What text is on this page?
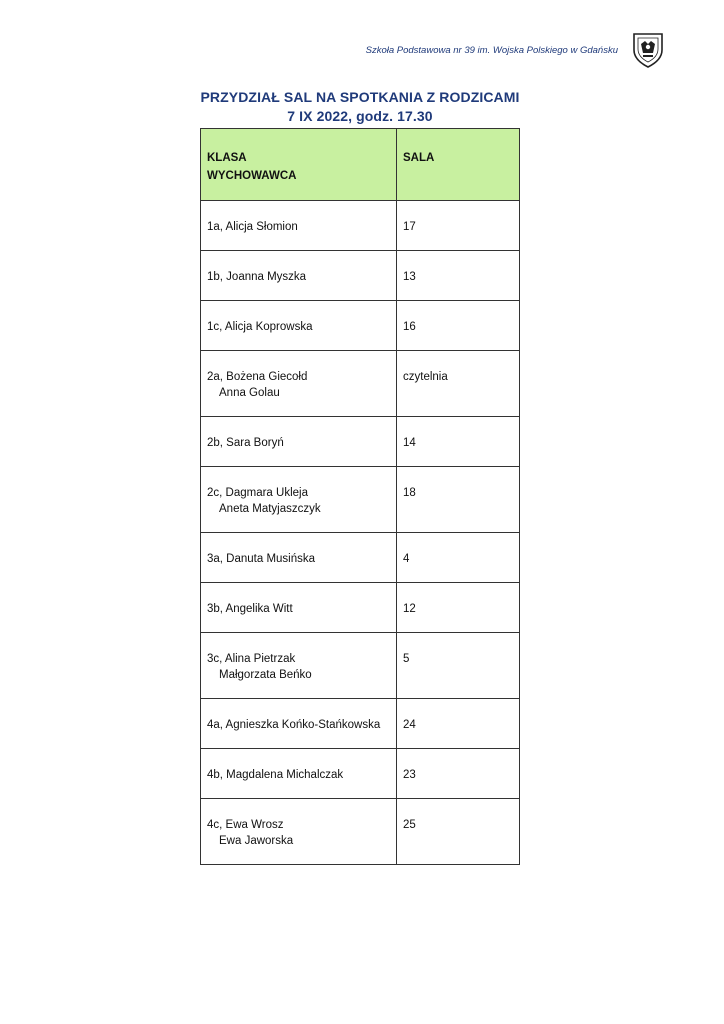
Szkoła Podstawowa nr 39 im. Wojska Polskiego w Gdańsku
PRZYDZIAŁ SAL NA SPOTKANIA Z RODZICAMI
7 IX 2022, godz. 17.30
KLASA
WYCHOWAWCA	SALA
1a, Alicja Słomion	17
1b, Joanna Myszka	13
1c, Alicja Koprowska	16
2a, Bożena Giecołd
Anna Golau	czytelnia
2b, Sara Boryń	14
2c, Dagmara Ukleja
Aneta Matyjaszczyk	18
3a, Danuta Musińska	4
3b, Angelika Witt	12
3c, Alina Pietrzak
Małgorzata Beńko	5
4a, Agnieszka Końko-Stańkowska	24
4b, Magdalena Michalczak	23
4c, Ewa Wrosz
Ewa Jaworska	25
